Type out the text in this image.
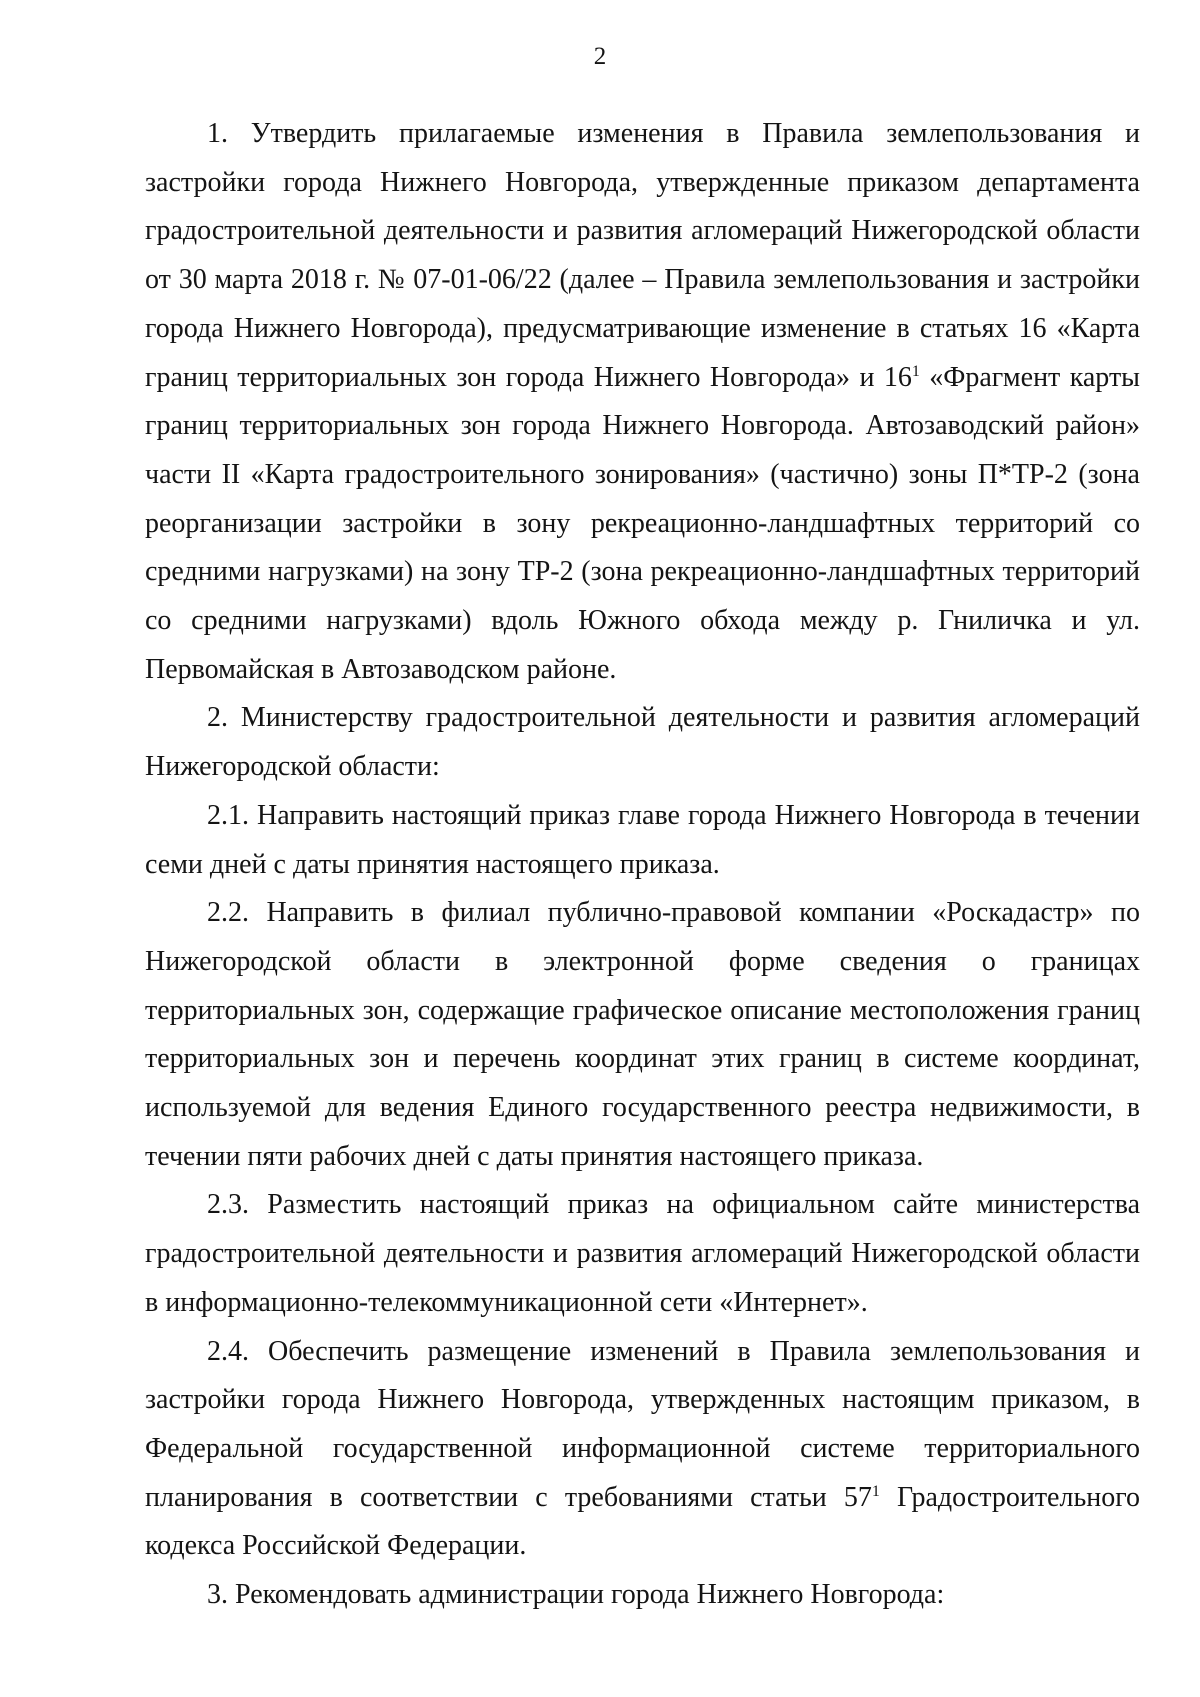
2

1. Утвердить прилагаемые изменения в Правила землепользования и застройки города Нижнего Новгорода, утвержденные приказом департамента градостроительной деятельности и развития агломераций Нижегородской области от 30 марта 2018 г. № 07-01-06/22 (далее – Правила землепользования и застройки города Нижнего Новгорода), предусматривающие изменение в статьях 16 «Карта границ территориальных зон города Нижнего Новгорода» и $16^1$ «Фрагмент карты границ территориальных зон города Нижнего Новгорода. Автозаводский район» части II «Карта градостроительного зонирования» (частично) зоны П*ТР-2 (зона реорганизации застройки в зону рекреационно-ландшафтных территорий со средними нагрузками) на зону ТР-2 (зона рекреационно-ландшафтных территорий со средними нагрузками) вдоль Южного обхода между р. Гниличка и ул. Первомайская в Автозаводском районе.

2. Министерству градостроительной деятельности и развития агломераций Нижегородской области:

2.1. Направить настоящий приказ главе города Нижнего Новгорода в течении семи дней с даты принятия настоящего приказа.

2.2. Направить в филиал публично-правовой компании «Роскадастр» по Нижегородской области в электронной форме сведения о границах территориальных зон, содержащие графическое описание местоположения границ территориальных зон и перечень координат этих границ в системе координат, используемой для ведения Единого государственного реестра недвижимости, в течении пяти рабочих дней с даты принятия настоящего приказа.

2.3. Разместить настоящий приказ на официальном сайте министерства градостроительной деятельности и развития агломераций Нижегородской области в информационно-телекоммуникационной сети «Интернет».

2.4. Обеспечить размещение изменений в Правила землепользования и застройки города Нижнего Новгорода, утвержденных настоящим приказом, в Федеральной государственной информационной системе территориального планирования в соответствии с требованиями статьи $57^1$ Градостроительного кодекса Российской Федерации.

3. Рекомендовать администрации города Нижнего Новгорода:
